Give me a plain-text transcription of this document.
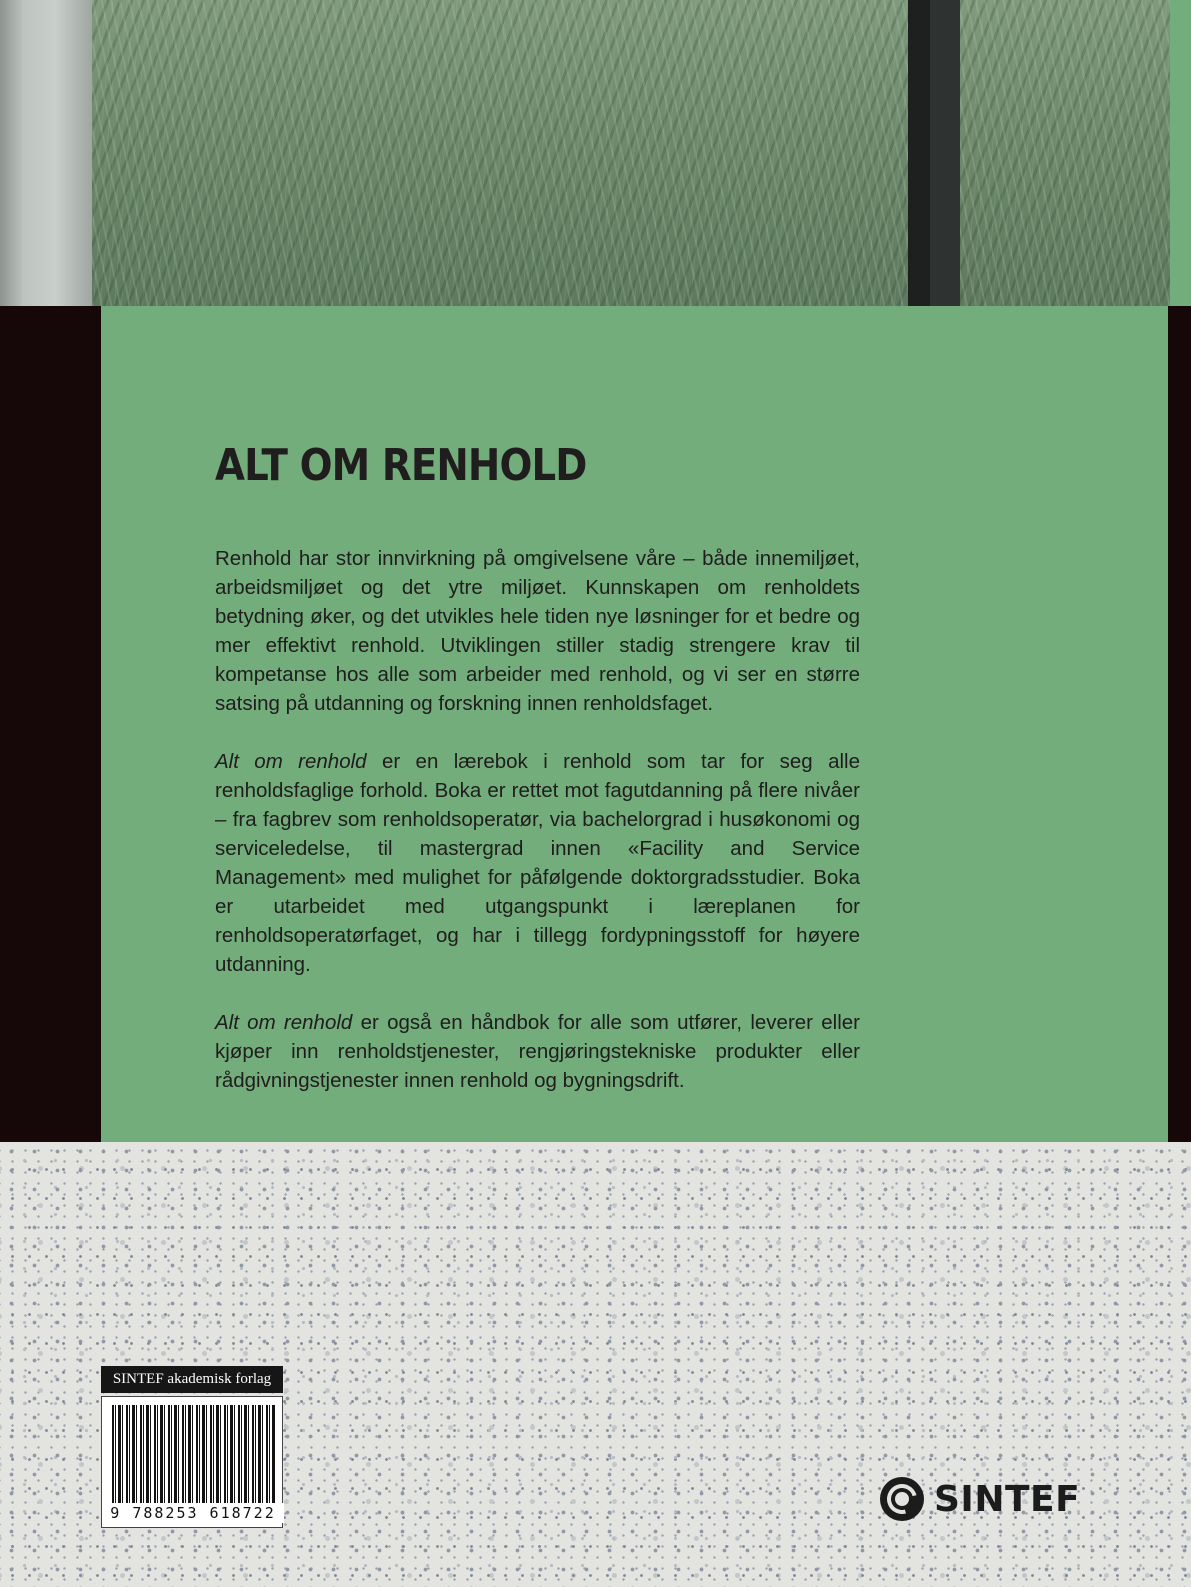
ALT OM RENHOLD

Renhold har stor innvirkning på omgivelsene våre – både innemiljøet, arbeidsmiljøet og det ytre miljøet. Kunnskapen om renholdets betydning øker, og det utvikles hele tiden nye løsninger for et bedre og mer effektivt renhold. Utviklingen stiller stadig strengere krav til kompetanse hos alle som arbeider med renhold, og vi ser en større satsing på utdanning og forskning innen renholdsfaget.

Alt om renhold er en lærebok i renhold som tar for seg alle renholdsfaglige forhold. Boka er rettet mot fagutdanning på flere nivåer – fra fagbrev som renholdsoperatør, via bachelorgrad i husøkonomi og serviceledelse, til mastergrad innen «Facility and Service Management» med mulighet for påfølgende doktorgradsstudier. Boka er utarbeidet med utgangspunkt i læreplanen for renholdsoperatørfaget, og har i tillegg fordypningsstoff for høyere utdanning.

Alt om renhold er også en håndbok for alle som utfører, leverer eller kjøper inn renholdstjenester, rengjøringstekniske produkter eller rådgivningstjenester innen renhold og bygningsdrift.

SINTEF akademisk forlag
9 788253 618722	SINTEF
